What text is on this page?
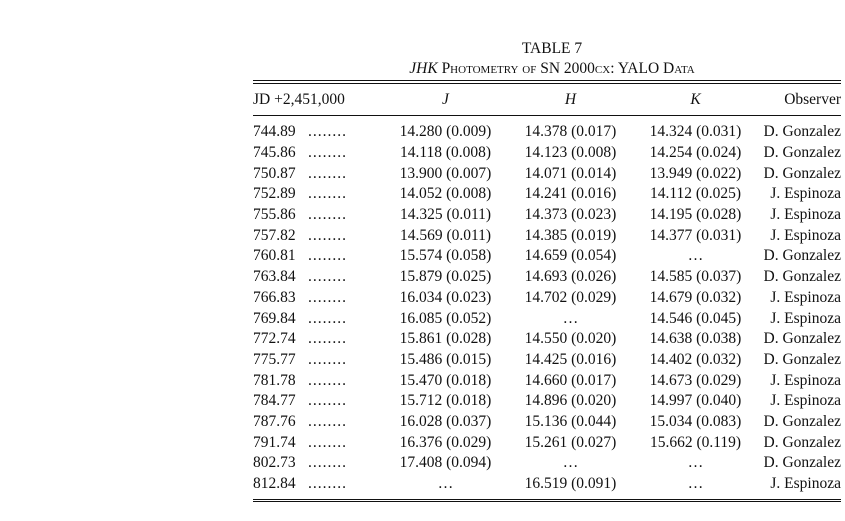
TABLE 7
JHK Photometry of SN 2000cx: YALO Data
JD +2,451,000	J	H	K	Observer

744.89 ........	14.280 (0.009)	14.378 (0.017)	14.324 (0.031)	D. Gonzalez
745.86 ........	14.118 (0.008)	14.123 (0.008)	14.254 (0.024)	D. Gonzalez
750.87 ........	13.900 (0.007)	14.071 (0.014)	13.949 (0.022)	D. Gonzalez
752.89 ........	14.052 (0.008)	14.241 (0.016)	14.112 (0.025)	J. Espinoza
755.86 ........	14.325 (0.011)	14.373 (0.023)	14.195 (0.028)	J. Espinoza
757.82 ........	14.569 (0.011)	14.385 (0.019)	14.377 (0.031)	J. Espinoza
760.81 ........	15.574 (0.058)	14.659 (0.054)	…	D. Gonzalez
763.84 ........	15.879 (0.025)	14.693 (0.026)	14.585 (0.037)	D. Gonzalez
766.83 ........	16.034 (0.023)	14.702 (0.029)	14.679 (0.032)	J. Espinoza
769.84 ........	16.085 (0.052)	…	14.546 (0.045)	J. Espinoza
772.74 ........	15.861 (0.028)	14.550 (0.020)	14.638 (0.038)	D. Gonzalez
775.77 ........	15.486 (0.015)	14.425 (0.016)	14.402 (0.032)	D. Gonzalez
781.78 ........	15.470 (0.018)	14.660 (0.017)	14.673 (0.029)	J. Espinoza
784.77 ........	15.712 (0.018)	14.896 (0.020)	14.997 (0.040)	J. Espinoza
787.76 ........	16.028 (0.037)	15.136 (0.044)	15.034 (0.083)	D. Gonzalez
791.74 ........	16.376 (0.029)	15.261 (0.027)	15.662 (0.119)	D. Gonzalez
802.73 ........	17.408 (0.094)	…	…	D. Gonzalez
812.84 ........	…	16.519 (0.091)	…	J. Espinoza
